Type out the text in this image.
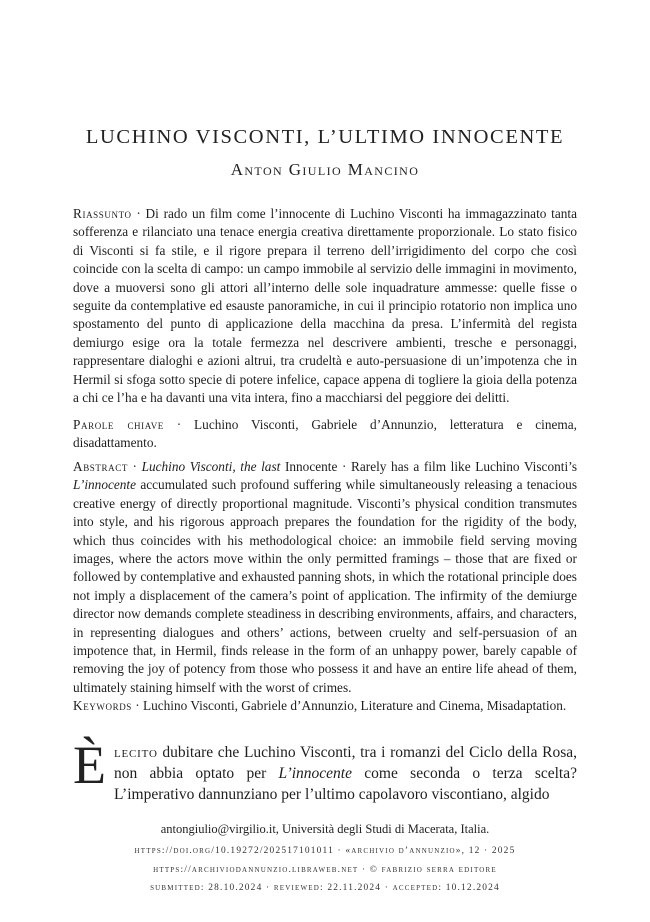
LUCHINO VISCONTI, L’ULTIMO INNOCENTE
Anton Giulio Mancino
Riassunto · Di rado un film come l’innocente di Luchino Visconti ha immagazzinato tanta sofferenza e rilanciato una tenace energia creativa direttamente proporzionale. Lo stato fisico di Visconti si fa stile, e il rigore prepara il terreno dell’irrigidimento del corpo che così coincide con la scelta di campo: un campo immobile al servizio delle immagini in movimento, dove a muoversi sono gli attori all’interno delle sole inquadrature ammesse: quelle fisse o seguite da contemplative ed esauste panoramiche, in cui il principio rotatorio non implica uno spostamento del punto di applicazione della macchina da presa. L’infermità del regista demiurgo esige ora la totale fermezza nel descrivere ambienti, tresche e personaggi, rappresentare dialoghi e azioni altrui, tra crudeltà e auto-persuasione di un’impotenza che in Hermil si sfoga sotto specie di potere infelice, capace appena di togliere la gioia della potenza a chi ce l’ha e ha davanti una vita intera, fino a macchiarsi del peggiore dei delitti.
Parole chiave · Luchino Visconti, Gabriele d’Annunzio, letteratura e cinema, disadattamento.
Abstract · Luchino Visconti, the last Innocente · Rarely has a film like Luchino Visconti’s L’innocente accumulated such profound suffering while simultaneously releasing a tenacious creative energy of directly proportional magnitude. Visconti’s physical condition transmutes into style, and his rigorous approach prepares the foundation for the rigidity of the body, which thus coincides with his methodological choice: an immobile field serving moving images, where the actors move within the only permitted framings – those that are fixed or followed by contemplative and exhausted panning shots, in which the rotational principle does not imply a displacement of the camera’s point of application. The infirmity of the demiurge director now demands complete steadiness in describing environments, affairs, and characters, in representing dialogues and others’ actions, between cruelty and self-persuasion of an impotence that, in Hermil, finds release in the form of an unhappy power, barely capable of removing the joy of potency from those who possess it and have an entire life ahead of them, ultimately staining himself with the worst of crimes.
Keywords · Luchino Visconti, Gabriele d’Annunzio, Literature and Cinema, Misadaptation.
Èlecito dubitare che Luchino Visconti, tra i romanzi del Ciclo della Rosa, non abbia optato per L’innocente come seconda o terza scelta? L’imperativo dannunziano per l’ultimo capolavoro viscontiano, algido
antongiulio@virgilio.it, Università degli Studi di Macerata, Italia.
https://doi.org/10.19272/202517101011 · «archivio d’annunzio», 12 · 2025
https://archiviodannunzio.libraweb.net · © fabrizio serra editore
submitted: 28.10.2024 · reviewed: 22.11.2024 · accepted: 10.12.2024
